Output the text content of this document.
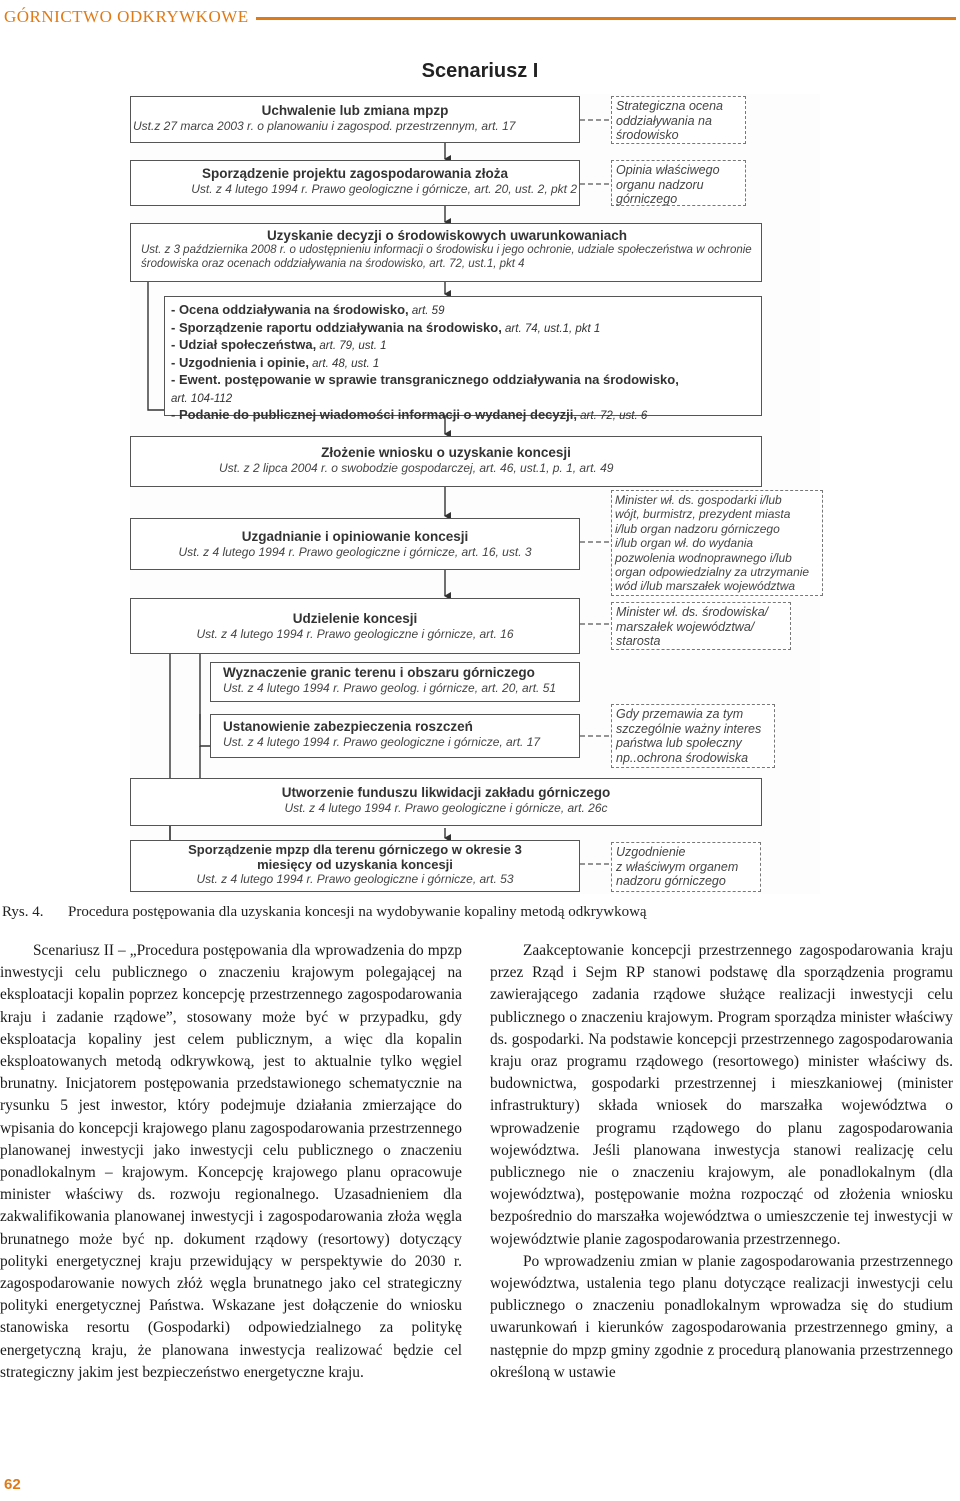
GÓRNICTWO ODKRYWKOWE
Scenariusz I
Uchwalenie lub zmiana mpzp
Ust.z 27 marca 2003 r. o planowaniu i zagospod. przestrzennym, art. 17
Sporządzenie projektu zagospodarowania złoża
Ust. z 4 lutego 1994 r. Prawo geologiczne i górnicze, art. 20, ust. 2, pkt 2
Uzyskanie decyzji o środowiskowych uwarunkowaniach
Ust. z 3 października 2008 r. o udostępnieniu informacji o środowisku i jego ochronie, udziale społeczeństwa w ochronie środowiska oraz ocenach oddziaływania na środowisko, art. 72, ust.1, pkt 4
- Ocena oddziaływania na środowisko, art. 59
- Sporządzenie raportu oddziaływania na środowisko, art. 74, ust.1, pkt 1
- Udział społeczeństwa, art. 79, ust. 1
- Uzgodnienia i opinie, art. 48, ust. 1
- Ewent. postępowanie w sprawie transgranicznego oddziaływania na środowisko,
art. 104-112
- Podanie do publicznej wiadomości informacji o wydanej decyzji, art. 72, ust. 6
Złożenie wniosku o uzyskanie koncesji
Ust. z 2 lipca 2004 r. o swobodzie gospodarczej, art. 46, ust.1, p. 1, art. 49
Uzgadnianie i opiniowanie koncesji
Ust. z 4 lutego 1994 r. Prawo geologiczne i górnicze, art. 16, ust. 3
Udzielenie koncesji
Ust. z 4 lutego 1994 r. Prawo geologiczne i górnicze, art. 16
Wyznaczenie granic terenu i obszaru górniczego
Ust. z 4 lutego 1994 r. Prawo geolog. i górnicze, art. 20, art. 51
Ustanowienie zabezpieczenia roszczeń
Ust. z 4 lutego 1994 r. Prawo geologiczne i górnicze, art. 17
Utworzenie funduszu likwidacji zakładu górniczego
Ust. z 4 lutego 1994 r. Prawo geologiczne i górnicze, art. 26c
Sporządzenie mpzp dla terenu górniczego w okresie 3 miesięcy od uzyskania koncesji
Ust. z 4 lutego 1994 r. Prawo geologiczne i górnicze, art. 53
Strategiczna ocena
oddziaływania na
środowisko
Opinia właściwego
organu nadzoru
górniczego
Minister wł. ds. gospodarki i/lub
wójt, burmistrz, prezydent miasta
i/lub organ nadzoru górniczego
i/lub organ wł. do wydania
pozwolenia wodnoprawnego i/lub
organ odpowiedzialny za utrzymanie
wód i/lub marszałek województwa
Minister wł. ds. środowiska/
marszałek województwa/
starosta
Gdy przemawia za tym
szczególnie ważny interes
państwa lub społeczny
np..ochrona środowiska
Uzgodnienie
z właściwym organem
nadzoru górniczego
Rys. 4. Procedura postępowania dla uzyskania koncesji na wydobywanie kopaliny metodą odkrywkową

Scenariusz II – „Procedura postępowania dla wprowadzenia do mpzp inwestycji celu publicznego o znaczeniu krajowym polegającej na eksploatacji kopalin poprzez koncepcję przestrzennego zagospodarowania kraju i zadanie rządowe”, stosowany może być w przypadku, gdy eksploatacja kopaliny jest celem publicznym, a więc dla kopalin eksploatowanych metodą odkrywkową, jest to aktualnie tylko węgiel brunatny. Inicjatorem postępowania przedstawionego schematycznie na rysunku 5 jest inwestor, który podejmuje działania zmierzające do wpisania do koncepcji krajowego planu zagospodarowania przestrzennego planowanej inwestycji jako inwestycji celu publicznego o znaczeniu ponadlokalnym – krajowym. Koncepcję krajowego planu opracowuje minister właściwy ds. rozwoju regionalnego. Uzasadnieniem dla zakwalifikowania planowanej inwestycji i zagospodarowania złoża węgla brunatnego może być np. dokument rządowy (resortowy) dotyczący polityki energetycznej kraju przewidujący w perspektywie do 2030 r. zagospodarowanie nowych złóż węgla brunatnego jako cel strategiczny polityki energetycznej Państwa. Wskazane jest dołączenie do wniosku stanowiska resortu (Gospodarki) odpowiedzialnego za politykę energetyczną kraju, że planowana inwestycja realizować będzie cel strategiczny jakim jest bezpieczeństwo energetyczne kraju.

Zaakceptowanie koncepcji przestrzennego zagospodarowania kraju przez Rząd i Sejm RP stanowi podstawę dla sporządzenia programu zawierającego zadania rządowe służące realizacji inwestycji celu publicznego o znaczeniu krajowym. Program sporządza minister właściwy ds. gospodarki. Na podstawie koncepcji przestrzennego zagospodarowania kraju oraz programu rządowego (resortowego) minister właściwy ds. budownictwa, gospodarki przestrzennej i mieszkaniowej (minister infrastruktury) składa wniosek do marszałka województwa o wprowadzenie programu rządowego do planu zagospodarowania województwa. Jeśli planowana inwestycja stanowi realizację celu publicznego nie o znaczeniu krajowym, ale ponadlokalnym (dla województwa), postępowanie można rozpocząć od złożenia wniosku bezpośrednio do marszałka województwa o umieszczenie tej inwestycji w województwie planie zagospodarowania przestrzennego.

Po wprowadzeniu zmian w planie zagospodarowania przestrzennego województwa, ustalenia tego planu dotyczące realizacji inwestycji celu publicznego o znaczeniu ponadlokalnym wprowadza się do studium uwarunkowań i kierunków zagospodarowania przestrzennego gminy, a następnie do mpzp gminy zgodnie z procedurą planowania przestrzennego określoną w ustawie

62
